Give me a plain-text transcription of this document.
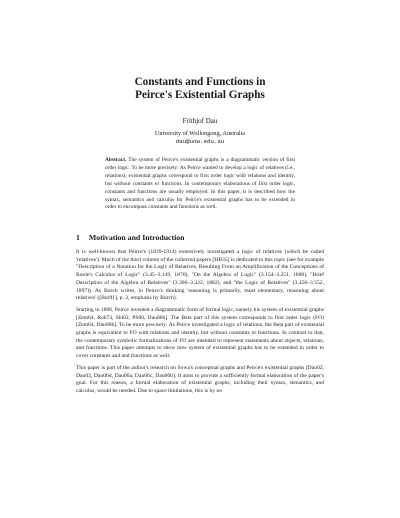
Constants and Functions in
Peirce's Existential Graphs
Frithjof Dau
University of Wollongong, Australia
dau@uow.edu.au
Abstract. The system of Peirce's existential graphs is a diagrammatic version of first order logic. To be more precisely: As Peirce wanted to develop a logic of relatives (i.e., relations), existential graphs correspond to first order logic with relations and identity, but without constants or functions. In contemporary elaborations of first order logic, constants and functions are usually employed. In this paper, it is described how the syntax, semantics and calculus for Peirce's existential graphs has to be extended in order to encompass constants and functions as well.
1 Motivation and Introduction

It is well-known that Peirce's (1839-1914) extensively investigated a logic of relatives (which he called 'relatives'). Much of the third volume of the collected papers [HB35] is dedicated to this topic (see for example "Description of a Notation for the Logic of Relatives, Resulting From an Amplification of the Conceptions of Boole's Calculus of Logic" (3.45–3.149, 1870), "On the Algebra of Logic" (3.154–3.251, 1880), "Brief Description of the Algebra of Relatives" (3.306–3.322, 1882), and "the Logic of Relatives" (3.456–3.552, 1897)). As Burch writes, in Peirce's thinking 'reasoning is primarily, most elementary, reasoning about relatives' ([Bur91], p. 2, emphasis by Burch).

Starting in 1896, Peirce invented a diagrammatic form of formal logic, namely his system of existential graphs [Zem64, Rob73, Shi02, PS00, Dau06b]. The Beta part of this system corresponds to first order logic (FO) [Zem64, Dau06b]. To be more precisely: As Peirce investigated a logic of relations, the Beta part of existential graphs is equivalent to FO with relations and identity, but without constants or functions. In contrast to that, the contemporary symbolic formalizations of FO are intended to represent statements about objects, relations, and functions. This paper attempts to show how system of existential graphs has to be extended in order to cover constants and and functions as well.

This paper is part of the author's research on Sowa's conceptual graphs and Peirce's existential graphs [Dau02, Dau03, Dau06d, Dau06a, Dau06c, Dau06b]. It aims to provide a sufficiently formal elaboration of the paper's goal. For this reason, a formal elaboration of existential graphs, including their syntax, semantics, and calculus, would be needed. Due to space limitations, this is by no
